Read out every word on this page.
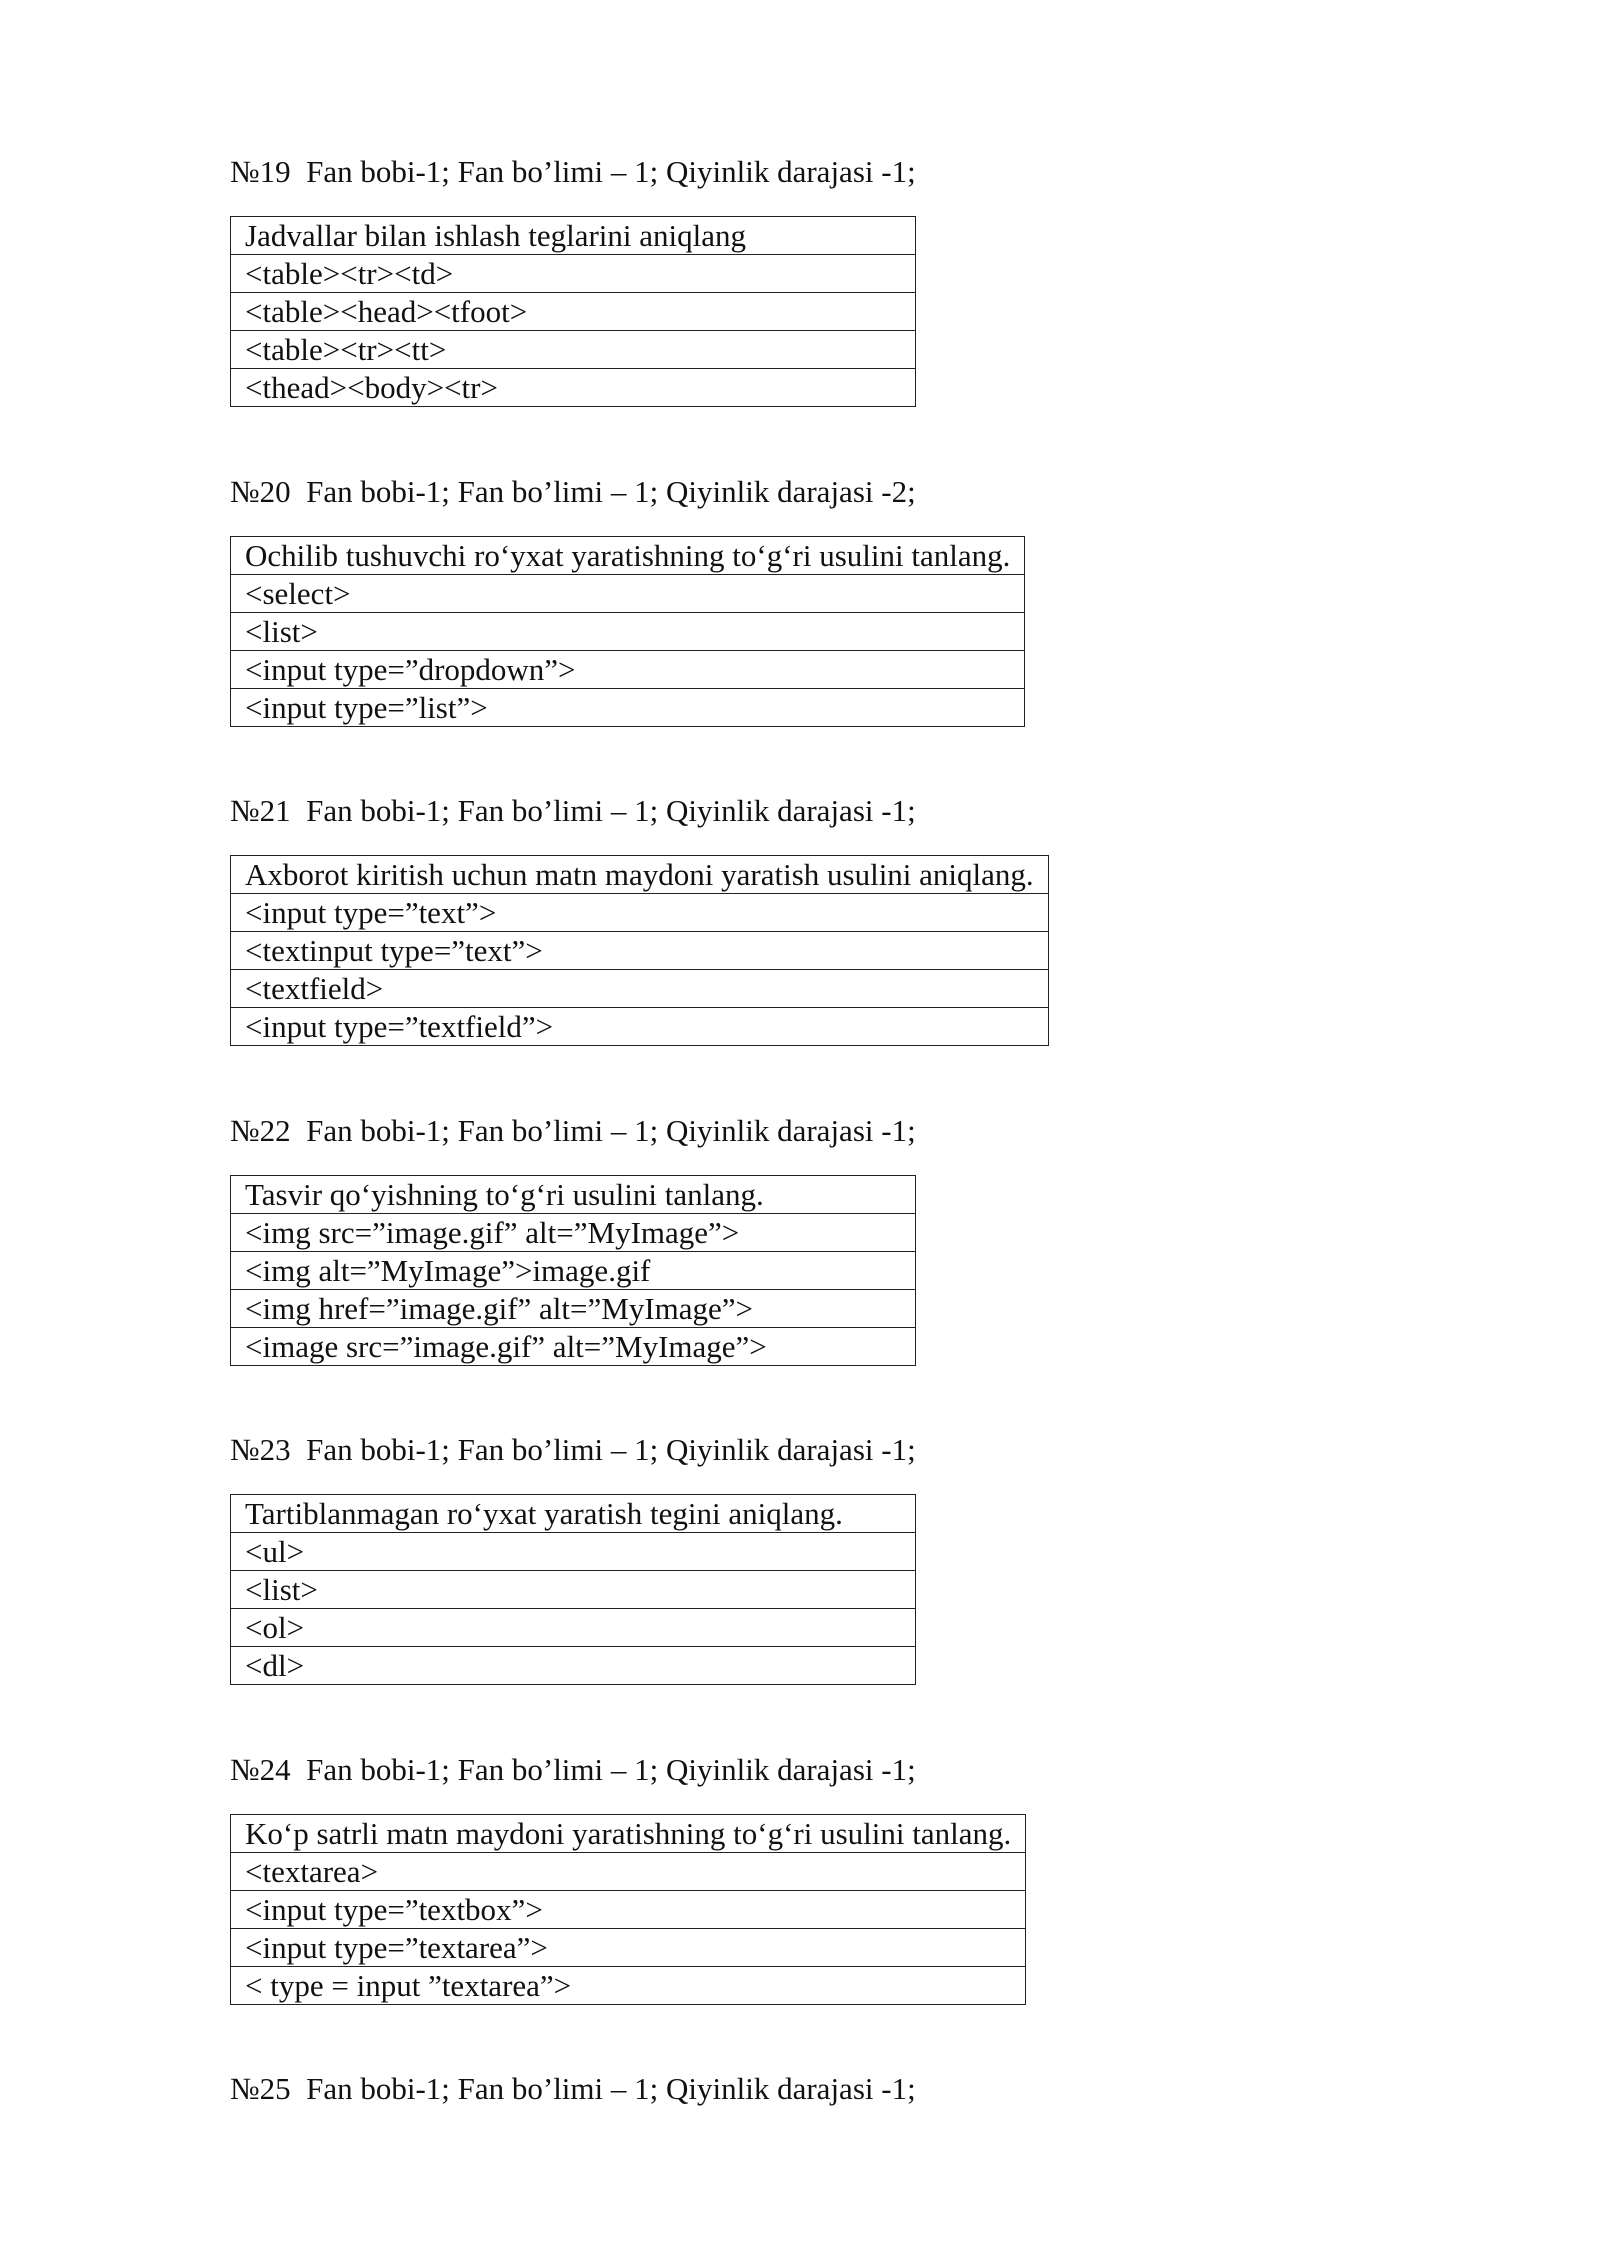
№19  Fan bobi-1; Fan bo’limi – 1; Qiyinlik darajasi -1;

Jadvallar bilan ishlash teglarini aniqlang
<table><tr><td>
<table><head><tfoot>
<table><tr><tt>
<thead><body><tr>

№20  Fan bobi-1; Fan bo’limi – 1; Qiyinlik darajasi -2;

Ochilib tushuvchi ro‘yxat yaratishning to‘g‘ri usulini tanlang.
<select>
<list>
<input type=”dropdown”>
<input type=”list”>

№21  Fan bobi-1; Fan bo’limi – 1; Qiyinlik darajasi -1;

Axborot kiritish uchun matn maydoni yaratish usulini aniqlang.
<input type=”text”>
<textinput type=”text”>
<textfield>
<input type=”textfield”>

№22  Fan bobi-1; Fan bo’limi – 1; Qiyinlik darajasi -1;

Tasvir qo‘yishning to‘g‘ri usulini tanlang.
<img src=”image.gif” alt=”MyImage”>
<img alt=”MyImage”>image.gif
<img href=”image.gif” alt=”MyImage”>
<image src=”image.gif” alt=”MyImage”>

№23  Fan bobi-1; Fan bo’limi – 1; Qiyinlik darajasi -1;

Tartiblanmagan ro‘yxat yaratish tegini aniqlang.
<ul>
<list>
<ol>
<dl>

№24  Fan bobi-1; Fan bo’limi – 1; Qiyinlik darajasi -1;

Ko‘p satrli matn maydoni yaratishning to‘g‘ri usulini tanlang.
<textarea>
<input type=”textbox”>
<input type=”textarea”>
< type = input ”textarea”>

№25  Fan bobi-1; Fan bo’limi – 1; Qiyinlik darajasi -1;
